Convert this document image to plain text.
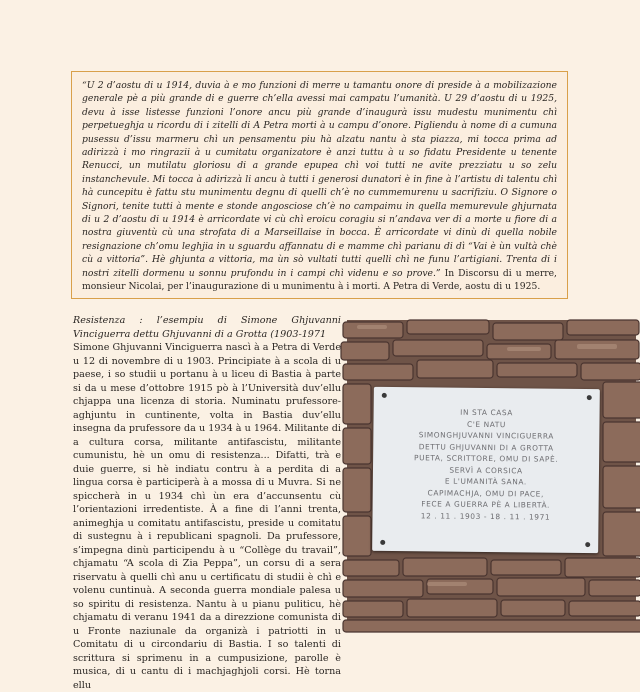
“U 2 d’aostu di u 1914, duvia à e mo funzioni di merre u tamantu onore di preside à a mobilizazione generale pè a più grande di e guerre ch’ella avessi mai campatu l’umanità. U 29 d’aostu di u 1925, devu à isse listesse funzioni l’onore ancu più grande d’inaugurà issu mudestu munimentu chì perpetueghja u ricordu di i zitelli di A Petra morti à u campu d’onore. Pigliendu à nome di a cumuna pusessu d’issu marmeru chì un pensamentu piu hà alzatu nantu à sta piazza, mi tocca prima ad adirizzà i mo ringrazii à u cumitatu organizatore è anzi tuttu à u so fidatu Presidente u tenente Renucci, un mutilatu gloriosu di a grande epupea chì voi tutti ne avite prezziatu u so zelu instanchevule. Mi tocca à adirizzà li ancu à tutti i generosi dunatori è in fine à l’artistu di talentu chì hà cuncepitu è fattu stu munimentu degnu di quelli ch’è no cummemurenu u sacrifiziu. O Signore o Signori, tenite tutti à mente e stonde angosciose ch’è no campaimu in quella memurevule ghjurnata di u 2 d’aostu di u 1914 è arricordate vi cù chì eroicu coragiu si n’andava ver di a morte u fiore di a nostra giuventù cù una strofata di a Marseillaise in bocca. È arricordate vi dinù di quella nobile resignazione ch’omu leghjia in u sguardu affannatu di e mamme chì parianu di dì “Vai è ùn vultà chè cù a vittoria”. Hè ghjunta a vittoria, ma ùn sò vultati tutti quelli chì ne funu l’artigiani. Trenta di i nostri zitelli dormenu u sonnu prufondu in i campi chì videnu e so prove.” In Discorsu di u merre, monsieur Nicolai, per l’inaugurazione di u munimentu à i morti. A Petra di Verde, aostu di u 1925.
Resistenza : l’esempiu di Simone Ghjuvanni Vinciguerra dettu Ghjuvanni di a Grotta (1903-1971
Simone Ghjuvanni Vinciguerra nascì à a Petra di Verde u 12 di novembre di u 1903. Principiate à a scola di u paese, i so studii u portanu à u liceu di Bastia à parte si da u mese d’ottobre 1915 pò à l’Università duv’ellu chjappa una licenza di storia. Numinatu prufessore-aghjuntu in cuntinente, volta in Bastia duv’ellu insegna da prufessore da u 1934 à u 1964. Militante di a cultura corsa, militante antifascistu, militante cumunistu, hè un omu di resistenza... Difatti, trà e duie guerre, si hè indiatu contru à a perdita di a lingua corsa è participerà à a mossa di u Muvra. Si ne spiccherà in u 1934 chì ùn era d’accunsentu cù l’orientazioni irredentiste. À a fine di l’anni trenta, animeghja u comitatu antifascistu, preside u comitatu di sustegnu à i republicani spagnoli. Da prufessore, s’impegna dinù participendu à u “Collège du travail”, chjamatu “A scola di Zia Peppa”, un corsu di a sera riservatu à quelli chì anu u certificatu di studii è chì e volenu cuntinuà. A seconda guerra mondiale palesa u so spiritu di resistenza. Nantu à u pianu puliticu, hè chjamatu di veranu 1941 da a direzzione comunista di u Fronte naziunale da organizà i patriotti in u Comitatu di u circondariu di Bastia. I so talenti di scrittura si sprimenu in a cumpusizione, parolle è musica, di u cantu di i machjaghjoli corsi. Hè torna ellu
IN STA CASA
C'E NATU
SIMONGHJUVANNI VINCIGUERRA
DETTU GHJUVANNI DI A GROTTA
PUETA, SCRITTORE, OMU DI SAPÈ.
SERVÌ A CORSICA
E L'UMANITÀ SANA.
CAPIMACHJA, OMU DI PACE,
FECE A GUERRA PÈ A LIBERTÀ.
12 . 11 . 1903 - 18 . 11 . 1971
